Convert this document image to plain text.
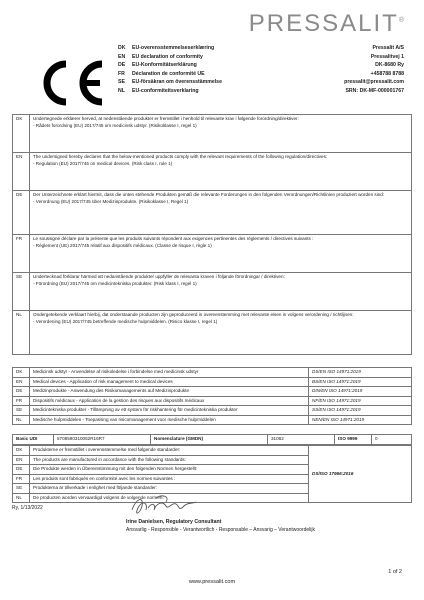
PRESSALIT®
DK	EU-overensstemmelseserklæring	Pressalit A/S
EN	EU declaration of conformity	Pressalitvej 1
DE	EU-Konformitätserklärung	DK-8680 Ry
FR	Déclaration de conformité UE	+458788 8788
SE	EU-försäkran om överensstämmelse	pressalit@pressalit.com
NL	EU-conformiteitsverklaring	SRN: DK-MF-000001767
DK	Undertegnede erklærer herved, at nedenstående produkter er fremstillet i henhold til relevante krav i følgende forordning/direktiver:
- Rådets forordning (EU) 2017/745 om medicinsk udstyr. (Risikoklasse I, regel 1)

EN	The undersigned hereby declares that the below-mentioned products comply with the relevant requirements of the following regulation/directives:
- Regulation (EU) 2017/745 on medical devices. (Risk class I, rule 1)

DE	Der Unterzeichnete erklärt hiermit, dass die unten stehende Produkten gemäß die relevante Forderungen in den folgenden Verordnungen/Richtlinien produziert worden sind:
- Verordnung (EU) 2017/745 über Medizinprodukte. (Risikoklasse I, Regel 1)

FR	Le soussigné déclare par la présente que les produits suivants répondent aux exigences pertinentes des règlements / directives suivants :
- Règlement (UE) 2017/745 relatif aux dispositifs médicaux. (Classe de risque I, règle 1)

SE	Undertecknad förklarar härmed att nedanstående produkter uppfyller de relevanta kraven i följande förordningar / direktiven:
- Förordning (EU) 2017/745 om medicintekniska produkter. (Risk klass I, regel 1)

NL	Ondergetekende verklaart hierbij, dat onderstaande producten zijn geproduceerd in overeenstemming met relevante eisen in volgens verordening / richtlijnen:
- Verordening (EU) 2017/745 betreffende medische hulpmiddelen. (Risico klasse I, regel 1)
DK	Medicinsk udstyr - Anvendelse af risikoledelse i forbindelse med medicinsk udstyr	DS/EN ISO 14971:2019
EN	Medical devices - Application of risk management to medical devices	BS/EN ISO 14971:2019
DE	Medizinprodukte - Anwendung des Risikomanagements auf Medizinprodukte	DIN/EN ISO 14971:2019
FR	Dispositifs médicaux - Application de la gestion des risques aux dispositifs médicaux	NF/EN ISO 14971:2019
SE	Medicintekniska produkter - Tillämpning av ett system för riskhantering för medicintekniska produkter	SS/EN ISO 14971:2019
NL	Medische hulpmiddelen - Toepassing van risicomanagement voor medische hulpmiddelen	NEN/EN ISO 14971:2019
Basic UDI	5708590310062R16R7	Nomenclature (GMDN)	31062	ISO 9999	0
DK	Produkterne er fremstillet i overensstemmelse med følgende standarder:	DS/ISO 17966:2016
EN	The products are manufactured in accordance with the following standards:	
DE	Die Produkte werden in Übereinstimmung mit den folgenden Normen hergestellt:	
FR	Les produits sont fabriqués en conformité avec les normes suivantes :	
SE	Produkterna är tillverkade i enlighet med följande standarder:	
NL	De producten worden vervaardigd volgens de volgende normen:	
Ry, 1/13/2022
Irine Danielsen, Regulatory Consultant
Ansvarlig - Responsible - Verantwortlich - Responsable – Ansvarig – Verantwoordelijk
1 of 2
www.pressalit.com
